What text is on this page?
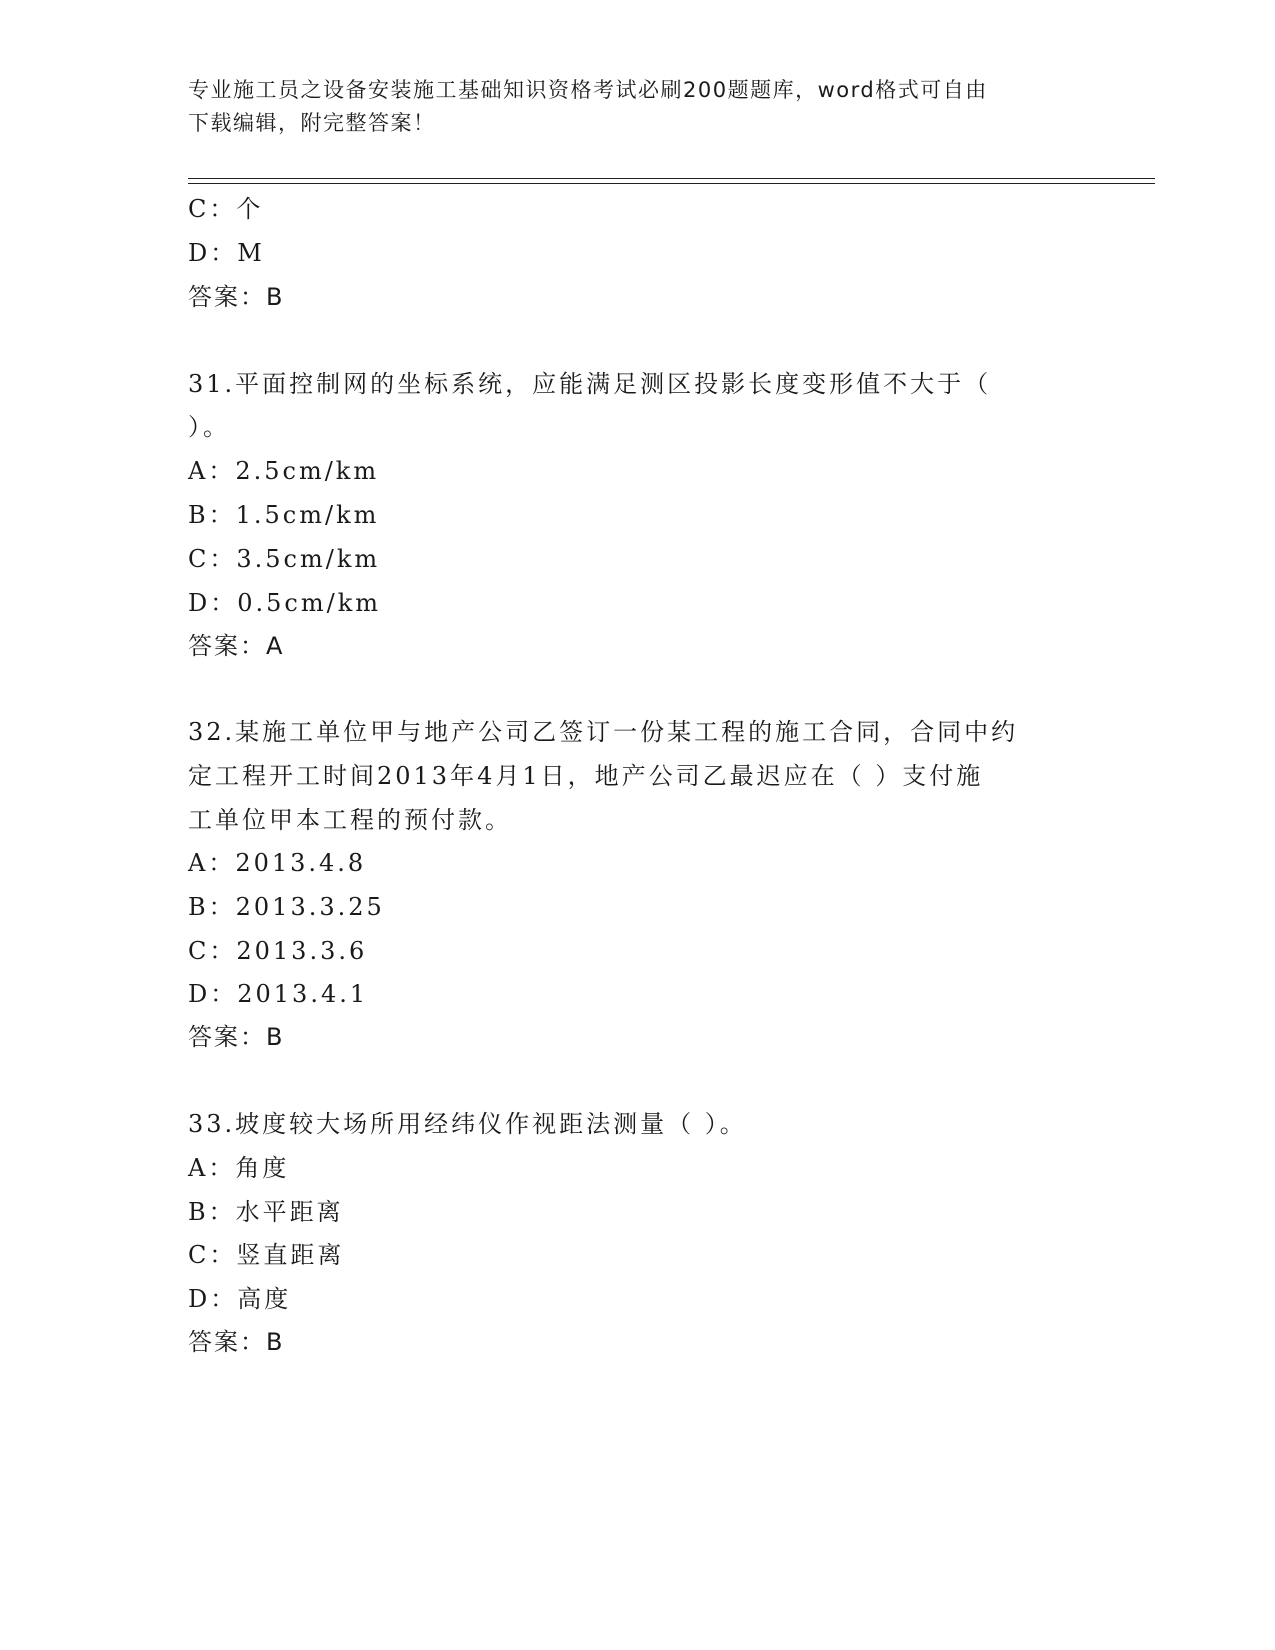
专业施工员之设备安装施工基础知识资格考试必刷200题题库，word格式可自由
下载编辑，附完整答案！
C：个
D：M
答案：B
31.平面控制网的坐标系统，应能满足测区投影长度变形值不大于（
）。
A：2.5cm/km
B：1.5cm/km
C：3.5cm/km
D：0.5cm/km
答案：A
32.某施工单位甲与地产公司乙签订一份某工程的施工合同，合同中约
定工程开工时间2013年4月1日，地产公司乙最迟应在（ ）支付施
工单位甲本工程的预付款。
A：2013.4.8
B：2013.3.25
C：2013.3.6
D：2013.4.1
答案：B
33.坡度较大场所用经纬仪作视距法测量（ ）。
A：角度
B：水平距离
C：竖直距离
D：高度
答案：B
